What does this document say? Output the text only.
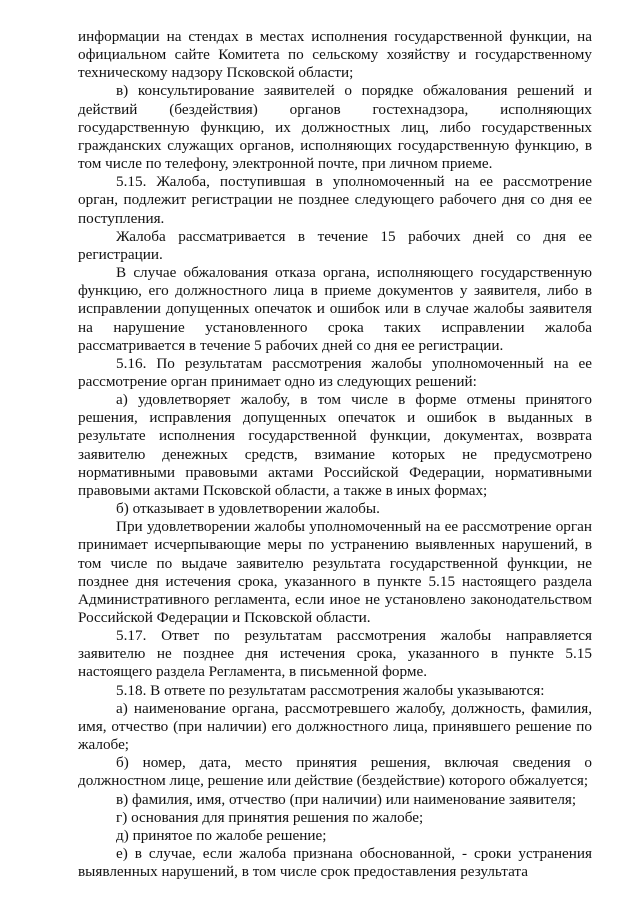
информации на стендах в местах исполнения государственной функции, на официальном сайте Комитета по сельскому хозяйству и государственному техническому надзору Псковской области;

в) консультирование заявителей о порядке обжалования решений и действий (бездействия) органов гостехнадзора, исполняющих государственную функцию, их должностных лиц, либо государственных гражданских служащих органов, исполняющих государственную функцию, в том числе по телефону, электронной почте, при личном приеме.

5.15. Жалоба, поступившая в уполномоченный на ее рассмотрение орган, подлежит регистрации не позднее следующего рабочего дня со дня ее поступления.

Жалоба рассматривается в течение 15 рабочих дней со дня ее регистрации.

В случае обжалования отказа органа, исполняющего государственную функцию, его должностного лица в приеме документов у заявителя, либо в исправлении допущенных опечаток и ошибок или в случае жалобы заявителя на нарушение установленного срока таких исправлении жалоба рассматривается в течение 5 рабочих дней со дня ее регистрации.

5.16. По результатам рассмотрения жалобы уполномоченный на ее рассмотрение орган принимает одно из следующих решений:

а) удовлетворяет жалобу, в том числе в форме отмены принятого решения, исправления допущенных опечаток и ошибок в выданных в результате исполнения государственной функции, документах, возврата заявителю денежных средств, взимание которых не предусмотрено нормативными правовыми актами Российской Федерации, нормативными правовыми актами Псковской области, а также в иных формах;

б) отказывает в удовлетворении жалобы.

При удовлетворении жалобы уполномоченный на ее рассмотрение орган принимает исчерпывающие меры по устранению выявленных нарушений, в том числе по выдаче заявителю результата государственной функции, не позднее дня истечения срока, указанного в пункте 5.15 настоящего раздела Административного регламента, если иное не установлено законодательством Российской Федерации и Псковской области.

5.17. Ответ по результатам рассмотрения жалобы направляется заявителю не позднее дня истечения срока, указанного в пункте 5.15 настоящего раздела Регламента, в письменной форме.

5.18. В ответе по результатам рассмотрения жалобы указываются:

а) наименование органа, рассмотревшего жалобу, должность, фамилия, имя, отчество (при наличии) его должностного лица, принявшего решение по жалобе;

б) номер, дата, место принятия решения, включая сведения о должностном лице, решение или действие (бездействие) которого обжалуется;

в) фамилия, имя, отчество (при наличии) или наименование заявителя;

г) основания для принятия решения по жалобе;

д) принятое по жалобе решение;

е) в случае, если жалоба признана обоснованной, - сроки устранения выявленных нарушений, в том числе срок предоставления результата
